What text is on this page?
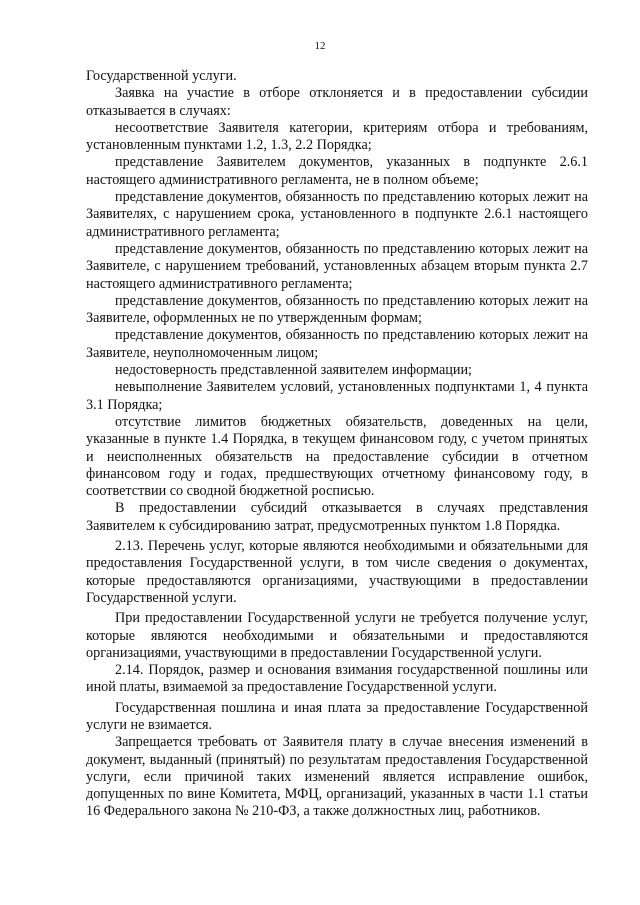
12

Государственной услуги.

Заявка на участие в отборе отклоняется и в предоставлении субсидии отказывается в случаях:

несоответствие Заявителя категории, критериям отбора и требованиям, установленным пунктами 1.2, 1.3, 2.2 Порядка;

представление Заявителем документов, указанных в подпункте 2.6.1 настоящего административного регламента, не в полном объеме;

представление документов, обязанность по представлению которых лежит на Заявителях, с нарушением срока, установленного в подпункте 2.6.1 настоящего административного регламента;

представление документов, обязанность по представлению которых лежит на Заявителе, с нарушением требований, установленных абзацем вторым пункта 2.7 настоящего административного регламента;

представление документов, обязанность по представлению которых лежит на Заявителе, оформленных не по утвержденным формам;

представление документов, обязанность по представлению которых лежит на Заявителе, неуполномоченным лицом;

недостоверность представленной заявителем информации;

невыполнение Заявителем условий, установленных подпунктами 1, 4 пункта 3.1 Порядка;

отсутствие лимитов бюджетных обязательств, доведенных на цели, указанные в пункте 1.4 Порядка, в текущем финансовом году, с учетом принятых и неисполненных обязательств на предоставление субсидии в отчетном финансовом году и годах, предшествующих отчетному финансовому году, в соответствии со сводной бюджетной росписью.

В предоставлении субсидий отказывается в случаях представления Заявителем к субсидированию затрат, предусмотренных пунктом 1.8 Порядка.

2.13. Перечень услуг, которые являются необходимыми и обязательными для предоставления Государственной услуги, в том числе сведения о документах, которые предоставляются организациями, участвующими в предоставлении Государственной услуги.

При предоставлении Государственной услуги не требуется получение услуг, которые являются необходимыми и обязательными и предоставляются организациями, участвующими в предоставлении Государственной услуги.

2.14. Порядок, размер и основания взимания государственной пошлины или иной платы, взимаемой за предоставление Государственной услуги.

Государственная пошлина и иная плата за предоставление Государственной услуги не взимается.

Запрещается требовать от Заявителя плату в случае внесения изменений в документ, выданный (принятый) по результатам предоставления Государственной услуги, если причиной таких изменений является исправление ошибок, допущенных по вине Комитета, МФЦ, организаций, указанных в части 1.1 статьи 16 Федерального закона № 210-ФЗ, а также должностных лиц, работников.
